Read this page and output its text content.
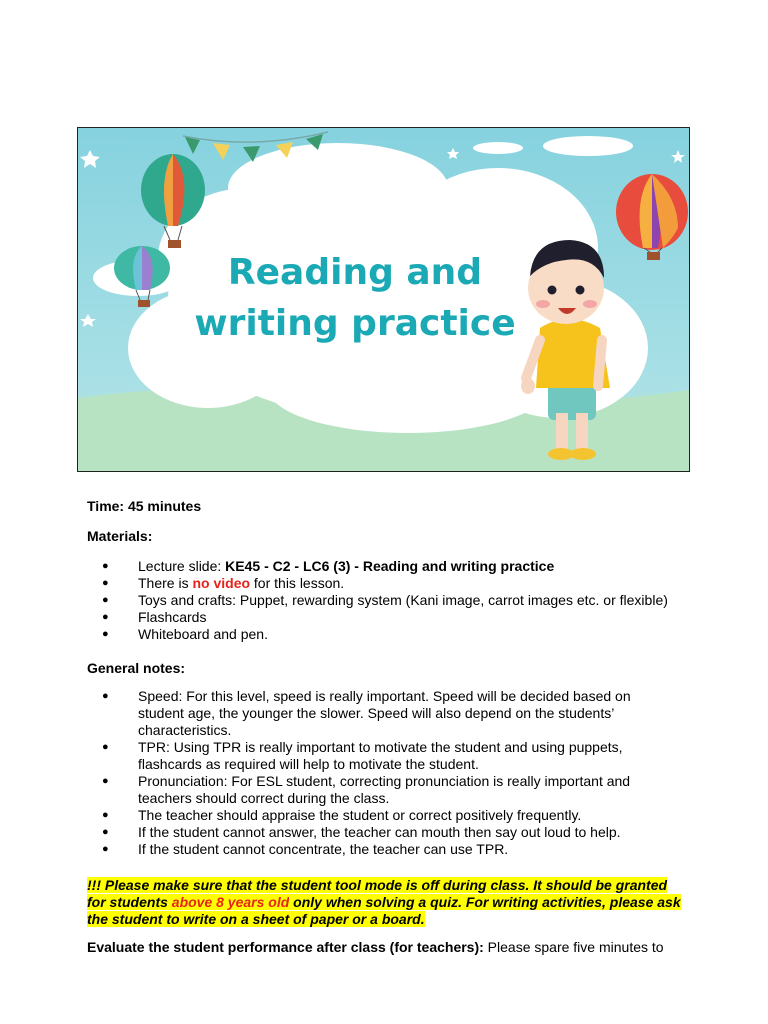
Reading and
writing practice
Time: 45 minutes
Materials:
● Lecture slide: KE45 - C2 - LC6 (3) - Reading and writing practice
● There is no video for this lesson.
● Toys and crafts: Puppet, rewarding system (Kani image, carrot images etc. or flexible)
● Flashcards
● Whiteboard and pen.
General notes:
● Speed: For this level, speed is really important. Speed will be decided based on student age, the younger the slower. Speed will also depend on the students’ characteristics.
● TPR: Using TPR is really important to motivate the student and using puppets, flashcards as required will help to motivate the student.
● Pronunciation: For ESL student, correcting pronunciation is really important and teachers should correct during the class.
● The teacher should appraise the student or correct positively frequently.
● If the student cannot answer, the teacher can mouth then say out loud to help.
● If the student cannot concentrate, the teacher can use TPR.
!!! Please make sure that the student tool mode is off during class. It should be granted for students above 8 years old only when solving a quiz. For writing activities, please ask the student to write on a sheet of paper or a board.
Evaluate the student performance after class (for teachers): Please spare five minutes to
